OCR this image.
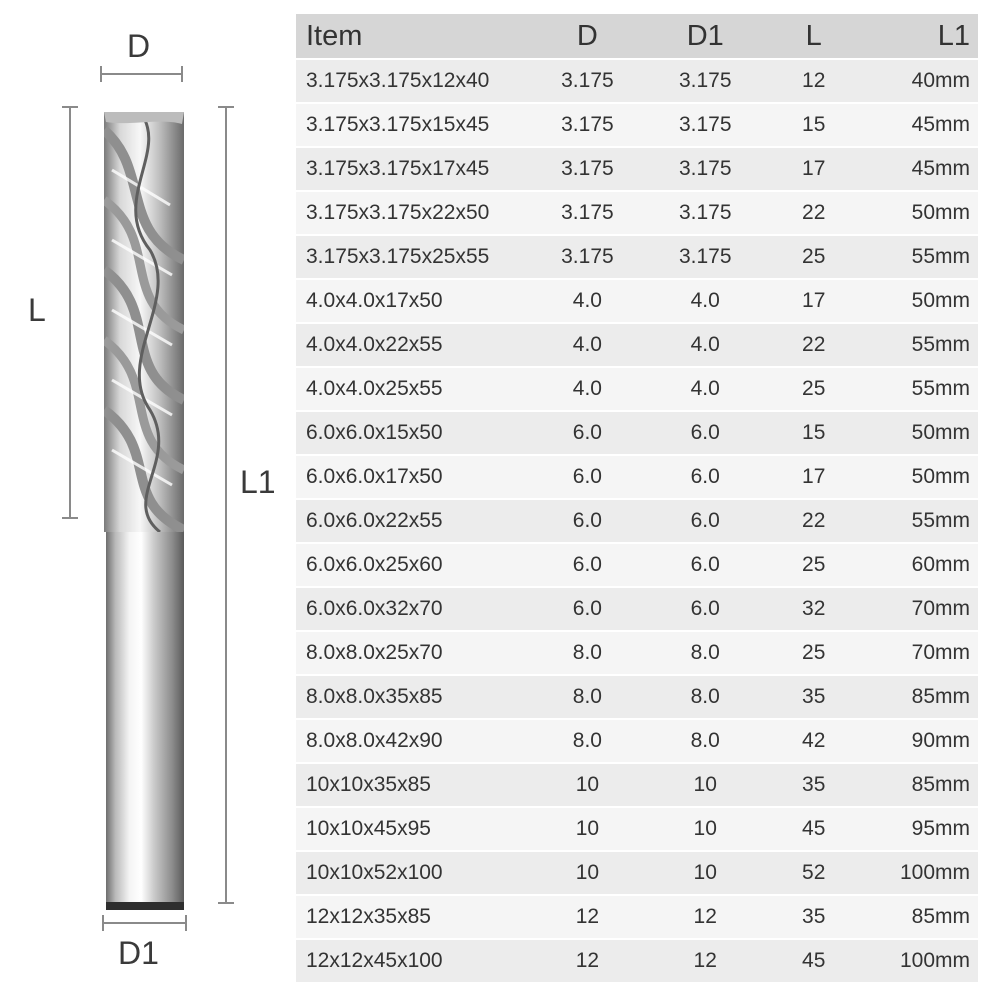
D
L
L1
D1
Item	D	D1	L	L1
3.175x3.175x12x40	3.175	3.175	12	40mm
3.175x3.175x15x45	3.175	3.175	15	45mm
3.175x3.175x17x45	3.175	3.175	17	45mm
3.175x3.175x22x50	3.175	3.175	22	50mm
3.175x3.175x25x55	3.175	3.175	25	55mm
4.0x4.0x17x50	4.0	4.0	17	50mm
4.0x4.0x22x55	4.0	4.0	22	55mm
4.0x4.0x25x55	4.0	4.0	25	55mm
6.0x6.0x15x50	6.0	6.0	15	50mm
6.0x6.0x17x50	6.0	6.0	17	50mm
6.0x6.0x22x55	6.0	6.0	22	55mm
6.0x6.0x25x60	6.0	6.0	25	60mm
6.0x6.0x32x70	6.0	6.0	32	70mm
8.0x8.0x25x70	8.0	8.0	25	70mm
8.0x8.0x35x85	8.0	8.0	35	85mm
8.0x8.0x42x90	8.0	8.0	42	90mm
10x10x35x85	10	10	35	85mm
10x10x45x95	10	10	45	95mm
10x10x52x100	10	10	52	100mm
12x12x35x85	12	12	35	85mm
12x12x45x100	12	12	45	100mm
